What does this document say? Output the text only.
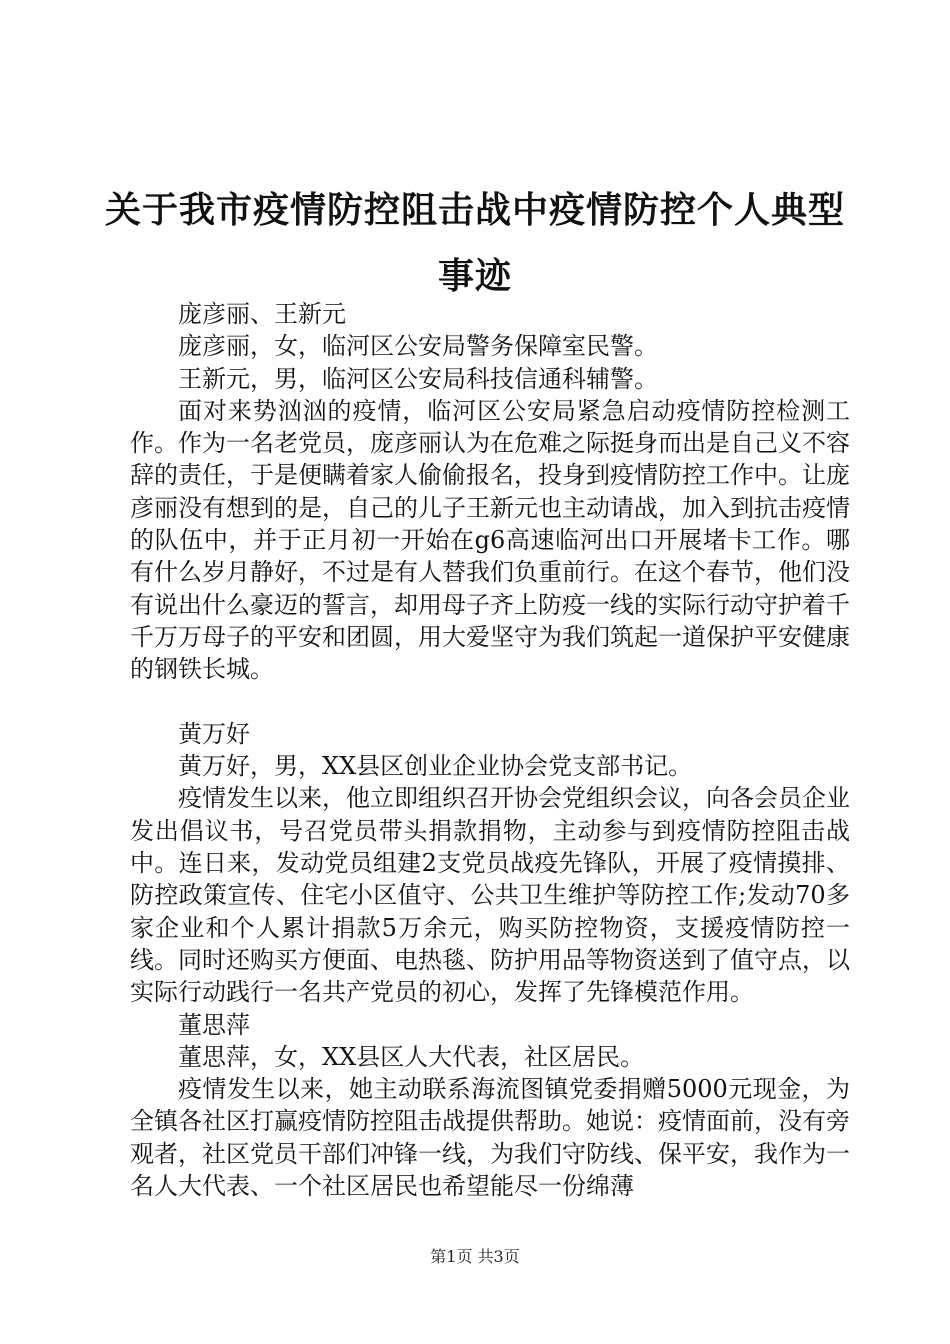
关于我市疫情防控阻击战中疫情防控个人典型事迹

庞彦丽、王新元

庞彦丽，女，临河区公安局警务保障室民警。

王新元，男，临河区公安局科技信通科辅警。

面对来势汹汹的疫情，临河区公安局紧急启动疫情防控检测工作。作为一名老党员，庞彦丽认为在危难之际挺身而出是自己义不容辞的责任，于是便瞒着家人偷偷报名，投身到疫情防控工作中。让庞彦丽没有想到的是，自己的儿子王新元也主动请战，加入到抗击疫情的队伍中，并于正月初一开始在g6高速临河出口开展堵卡工作。哪有什么岁月静好，不过是有人替我们负重前行。在这个春节，他们没有说出什么豪迈的誓言，却用母子齐上防疫一线的实际行动守护着千千万万母子的平安和团圆，用大爱坚守为我们筑起一道保护平安健康的钢铁长城。

黄万好

黄万好，男，XX县区创业企业协会党支部书记。

疫情发生以来，他立即组织召开协会党组织会议，向各会员企业发出倡议书，号召党员带头捐款捐物，主动参与到疫情防控阻击战中。连日来，发动党员组建2支党员战疫先锋队，开展了疫情摸排、防控政策宣传、住宅小区值守、公共卫生维护等防控工作;发动70多家企业和个人累计捐款5万余元，购买防控物资，支援疫情防控一线。同时还购买方便面、电热毯、防护用品等物资送到了值守点，以实际行动践行一名共产党员的初心，发挥了先锋模范作用。

董思萍

董思萍，女，XX县区人大代表，社区居民。

疫情发生以来，她主动联系海流图镇党委捐赠5000元现金，为全镇各社区打赢疫情防控阻击战提供帮助。她说：疫情面前，没有旁观者，社区党员干部们冲锋一线，为我们守防线、保平安，我作为一名人大代表、一个社区居民也希望能尽一份绵薄

第1页 共3页
